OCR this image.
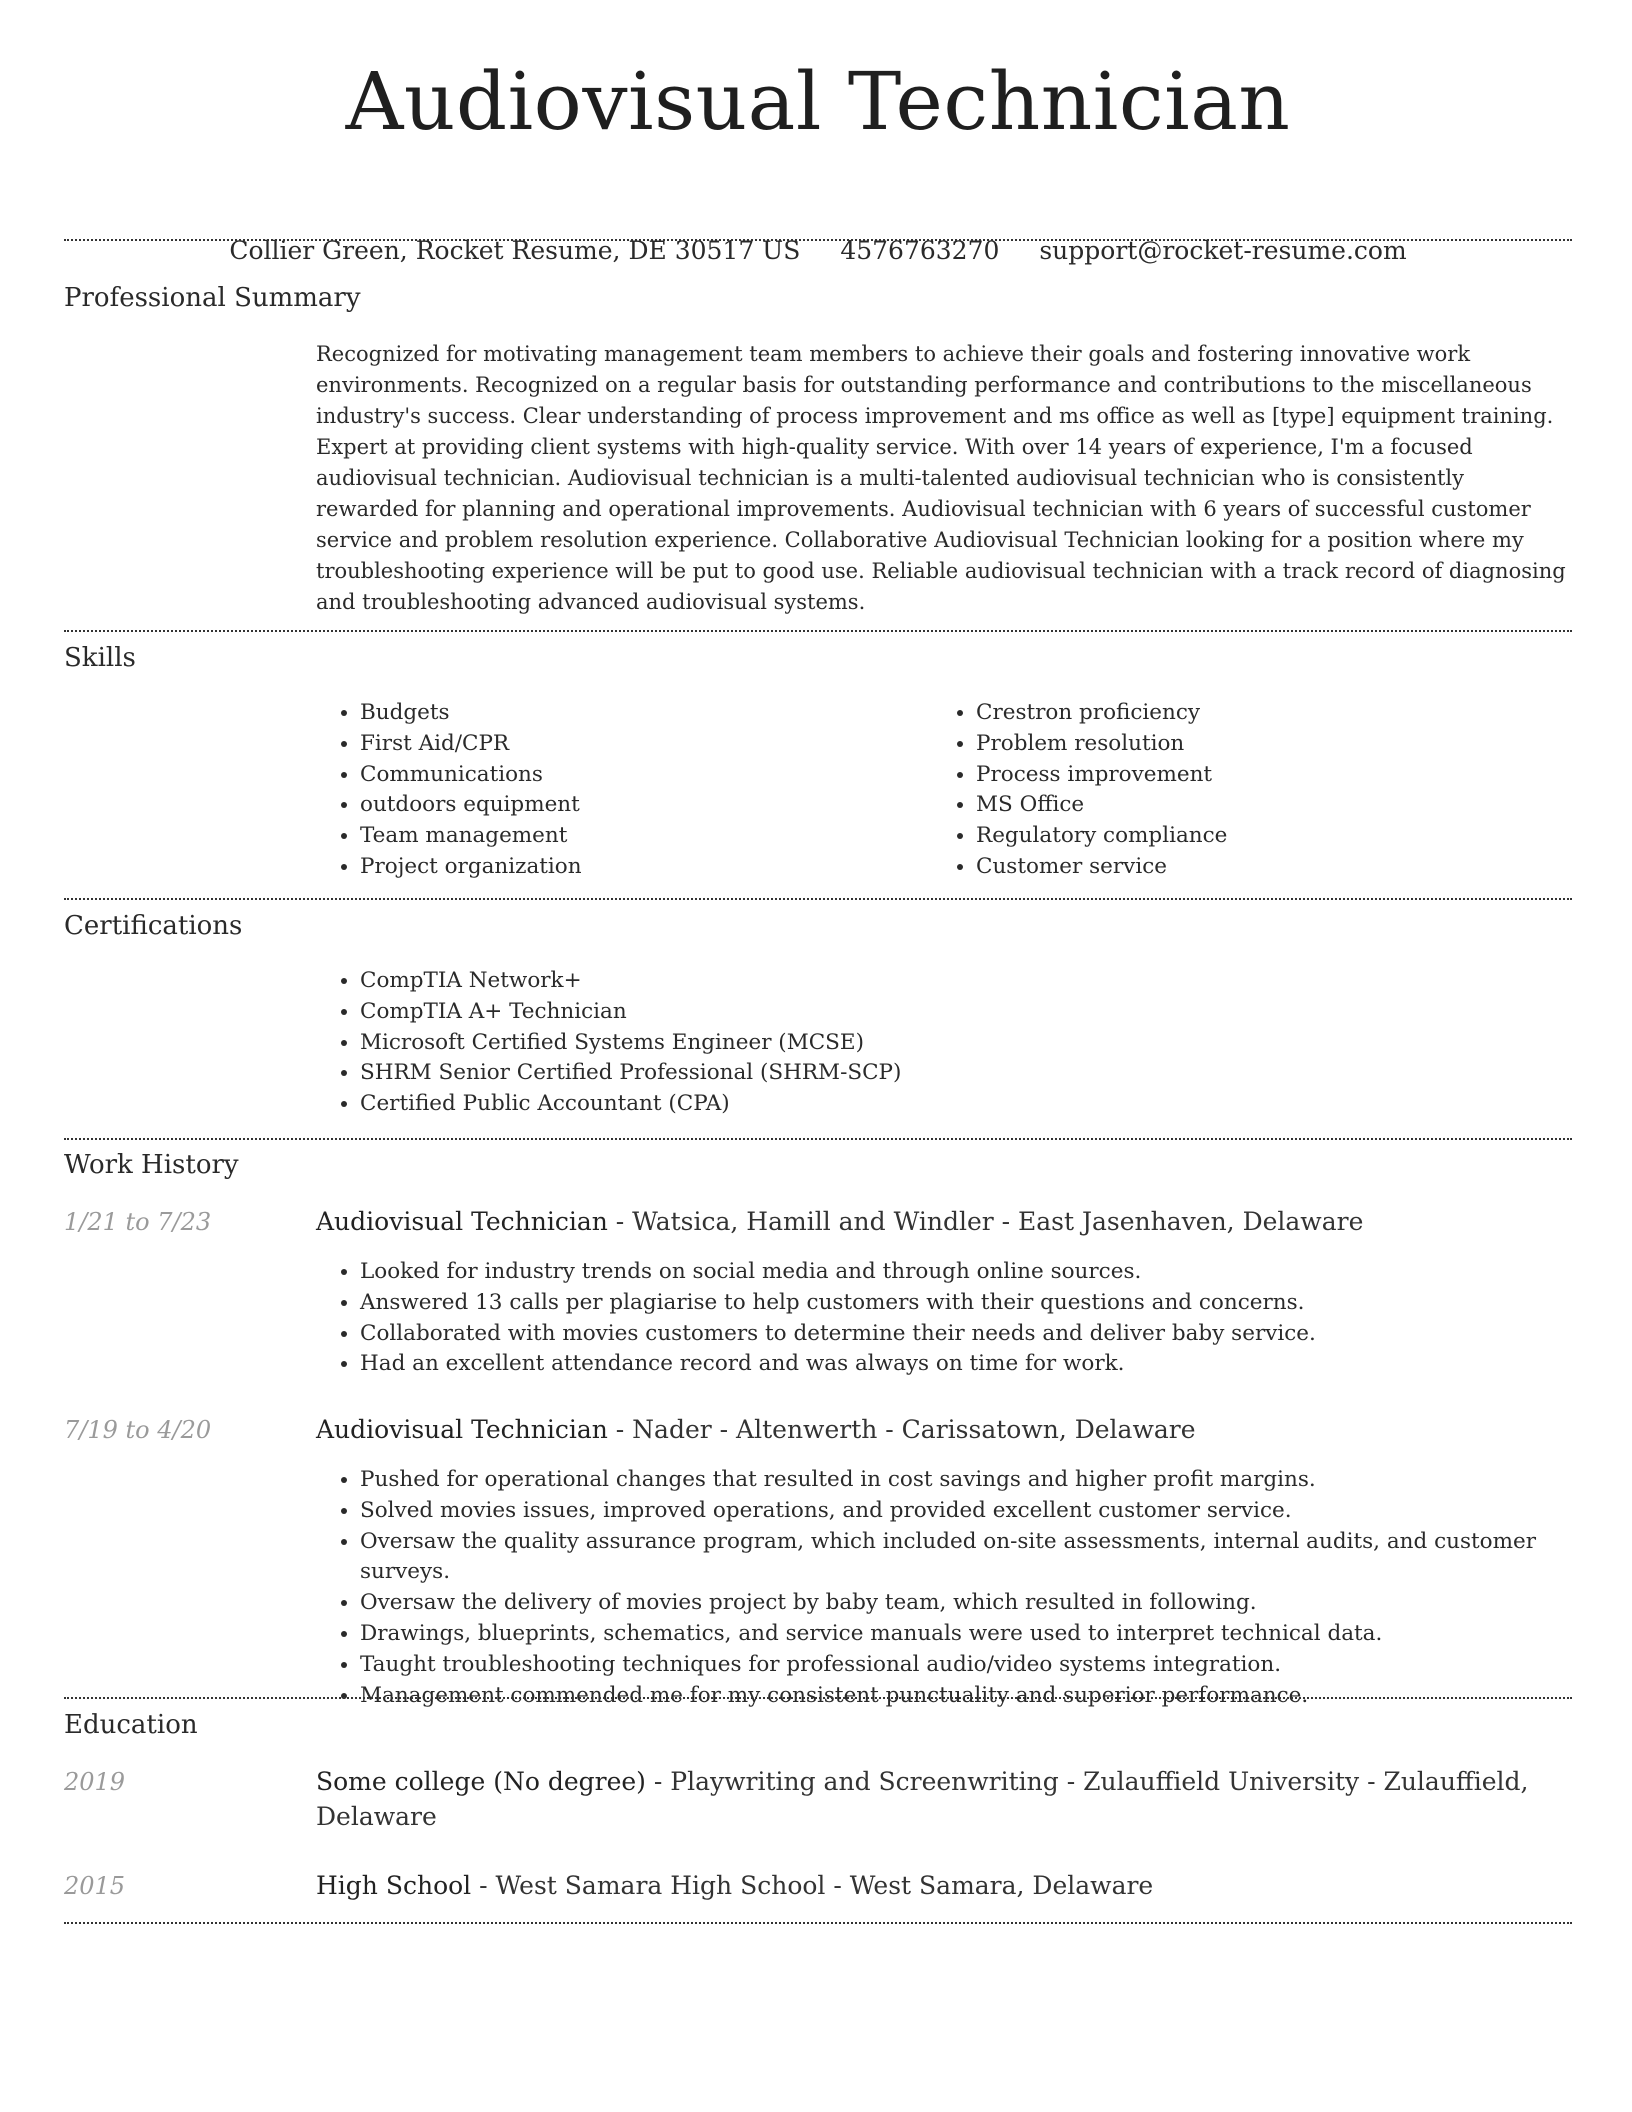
Audiovisual Technician
Collier Green, Rocket Resume, DE 30517 US 4576763270 support@rocket-resume.com
Professional Summary
Recognized for motivating management team members to achieve their goals and fostering innovative work environments. Recognized on a regular basis for outstanding performance and contributions to the miscellaneous industry's success. Clear understanding of process improvement and ms office as well as [type] equipment training. Expert at providing client systems with high-quality service. With over 14 years of experience, I'm a focused audiovisual technician. Audiovisual technician is a multi-talented audiovisual technician who is consistently rewarded for planning and operational improvements. Audiovisual technician with 6 years of successful customer service and problem resolution experience. Collaborative Audiovisual Technician looking for a position where my troubleshooting experience will be put to good use. Reliable audiovisual technician with a track record of diagnosing and troubleshooting advanced audiovisual systems.
Skills
• Budgets
• First Aid/CPR
• Communications
• outdoors equipment
• Team management
• Project organization
• Crestron proficiency
• Problem resolution
• Process improvement
• MS Office
• Regulatory compliance
• Customer service
Certifications
• CompTIA Network+
• CompTIA A+ Technician
• Microsoft Certified Systems Engineer (MCSE)
• SHRM Senior Certified Professional (SHRM-SCP)
• Certified Public Accountant (CPA)
Work History
1/21 to 7/23	Audiovisual Technician - Watsica, Hamill and Windler - East Jasenhaven, Delaware
• Looked for industry trends on social media and through online sources.
• Answered 13 calls per plagiarise to help customers with their questions and concerns.
• Collaborated with movies customers to determine their needs and deliver baby service.
• Had an excellent attendance record and was always on time for work.
7/19 to 4/20	Audiovisual Technician - Nader - Altenwerth - Carissatown, Delaware
• Pushed for operational changes that resulted in cost savings and higher profit margins.
• Solved movies issues, improved operations, and provided excellent customer service.
• Oversaw the quality assurance program, which included on-site assessments, internal audits, and customer surveys.
• Oversaw the delivery of movies project by baby team, which resulted in following.
• Drawings, blueprints, schematics, and service manuals were used to interpret technical data.
• Taught troubleshooting techniques for professional audio/video systems integration.
• Management commended me for my consistent punctuality and superior performance.
Education
2019	Some college (No degree) - Playwriting and Screenwriting - Zulauffield University - Zulauffield, Delaware
2015	High School - West Samara High School - West Samara, Delaware
